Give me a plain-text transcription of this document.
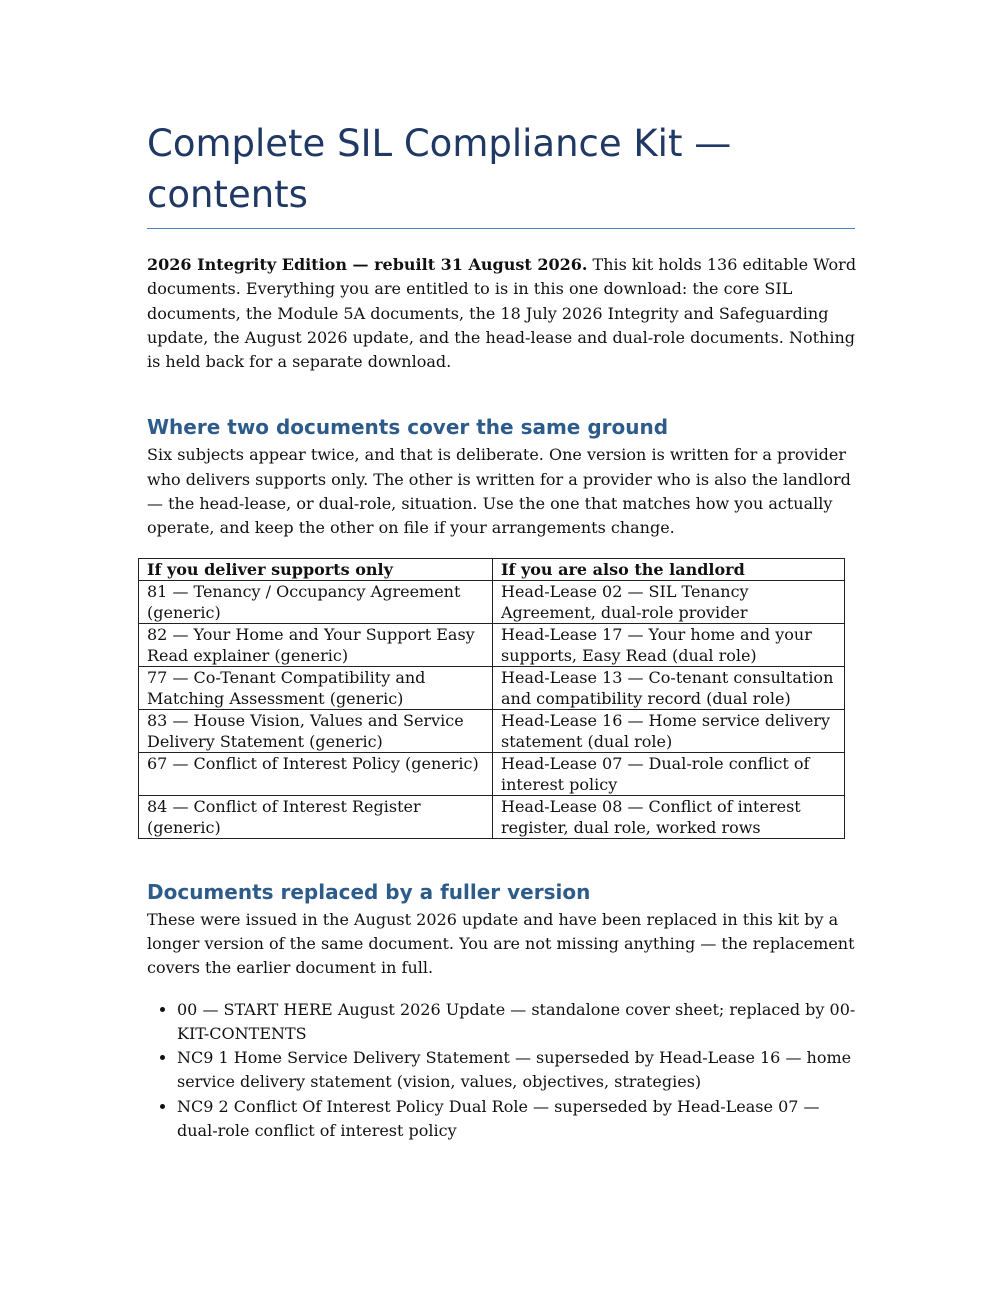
Complete SIL Compliance Kit — contents

2026 Integrity Edition — rebuilt 31 August 2026. This kit holds 136 editable Word documents. Everything you are entitled to is in this one download: the core SIL documents, the Module 5A documents, the 18 July 2026 Integrity and Safeguarding update, the August 2026 update, and the head-lease and dual-role documents. Nothing is held back for a separate download.

Where two documents cover the same ground

Six subjects appear twice, and that is deliberate. One version is written for a provider who delivers supports only. The other is written for a provider who is also the landlord — the head-lease, or dual-role, situation. Use the one that matches how you actually operate, and keep the other on file if your arrangements change.

If you deliver supports only	If you are also the landlord
81 — Tenancy / Occupancy Agreement (generic)	Head-Lease 02 — SIL Tenancy Agreement, dual-role provider
82 — Your Home and Your Support Easy Read explainer (generic)	Head-Lease 17 — Your home and your supports, Easy Read (dual role)
77 — Co-Tenant Compatibility and Matching Assessment (generic)	Head-Lease 13 — Co-tenant consultation and compatibility record (dual role)
83 — House Vision, Values and Service Delivery Statement (generic)	Head-Lease 16 — Home service delivery statement (dual role)
67 — Conflict of Interest Policy (generic)	Head-Lease 07 — Dual-role conflict of interest policy
84 — Conflict of Interest Register (generic)	Head-Lease 08 — Conflict of interest register, dual role, worked rows
Documents replaced by a fuller version

These were issued in the August 2026 update and have been replaced in this kit by a longer version of the same document. You are not missing anything — the replacement covers the earlier document in full.

• 00 — START HERE August 2026 Update — standalone cover sheet; replaced by 00-KIT-CONTENTS
• NC9 1 Home Service Delivery Statement — superseded by Head-Lease 16 — home service delivery statement (vision, values, objectives, strategies)
• NC9 2 Conflict Of Interest Policy Dual Role — superseded by Head-Lease 07 — dual-role conflict of interest policy
